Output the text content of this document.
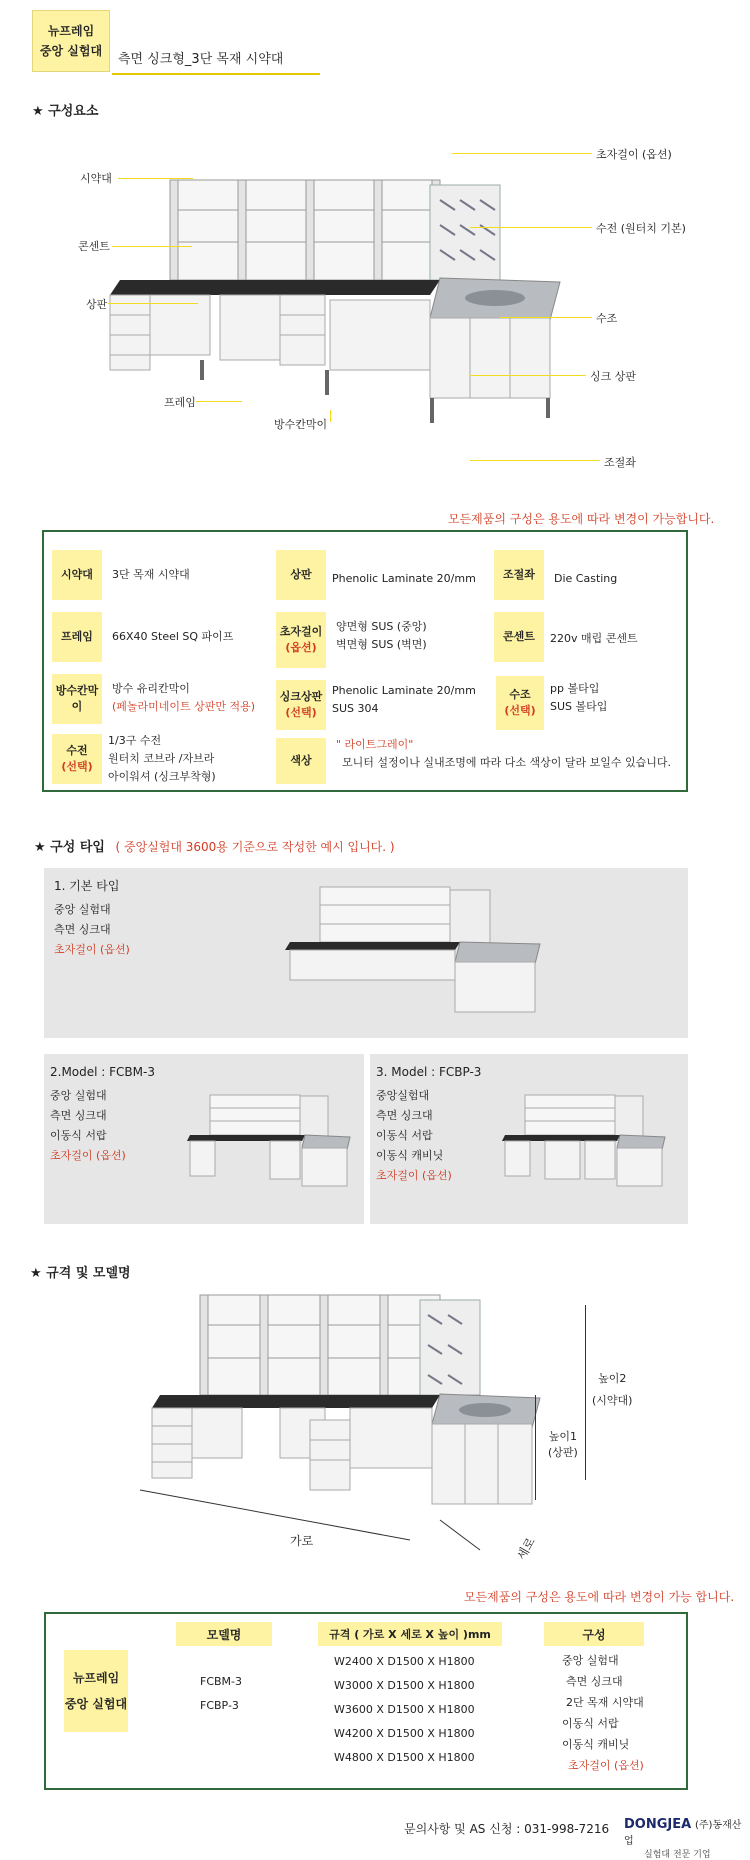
뉴프레임
중앙 실험대
측면 싱크형_3단 목재 시약대
★ 구성요소
시약대
콘센트
상판
프레임
방수칸막이
초자걸이 (옵션)
수전 (원터치 기본)
수조
싱크 상판
조절좌
모든제품의 구성은 용도에 따라 변경이 가능합니다.
시약대 3단 목재 시약대
프레임 66X40 Steel SQ 파이프
방수칸막이
방수 유리칸막이
(페놀라미네이트 상판만 적용)
수전
(선택)
1/3구 수전
원터치 코브라 /자브라
아이워셔 (싱크부착형)
상판 Phenolic Laminate 20/mm
초자걸이
(옵션)
양면형 SUS (중앙)
벽면형 SUS (벽면)
싱크상판
(선택)
Phenolic Laminate 20/mm
SUS 304
색상
" 라이트그레이"
모니터 설정이나 실내조명에 따라 다소 색상이 달라 보일수 있습니다.
조절좌 Die Casting
콘센트 220v 매립 콘센트
수조
(선택)
pp 볼타입
SUS 볼타입
★ 구성 타입 ( 중앙실험대 3600용 기준으로 작성한 예시 입니다. )
1. 기본 타입
중앙 실험대
측면 싱크대
초자걸이 (옵션)
2.Model : FCBM-3
중앙 실험대
측면 싱크대
이동식 서랍
초자걸이 (옵션)
3. Model : FCBP-3
중앙실험대
측면 싱크대
이동식 서랍
이동식 캐비닛
초자걸이 (옵션)
★ 규격 및 모델명
높이2
(시약대)
높이1
(상판)
가로	세로
모든제품의 구성은 용도에 따라 변경이 가능 합니다.
뉴프레임
중앙 실험대
모델명
FCBM-3
FCBP-3
규격 ( 가로 X 세로 X 높이 )mm
W2400 X D1500 X H1800
W3000 X D1500 X H1800
W3600 X D1500 X H1800
W4200 X D1500 X H1800
W4800 X D1500 X H1800
구성
중앙 실험대
측면 싱크대
2단 목재 시약대
이동식 서랍
이동식 캐비닛
초자걸이 (옵션)
문의사항 및 AS 신청 : 031-998-7216 DONGJEA (주)동재산업
실험대 전문 기업
